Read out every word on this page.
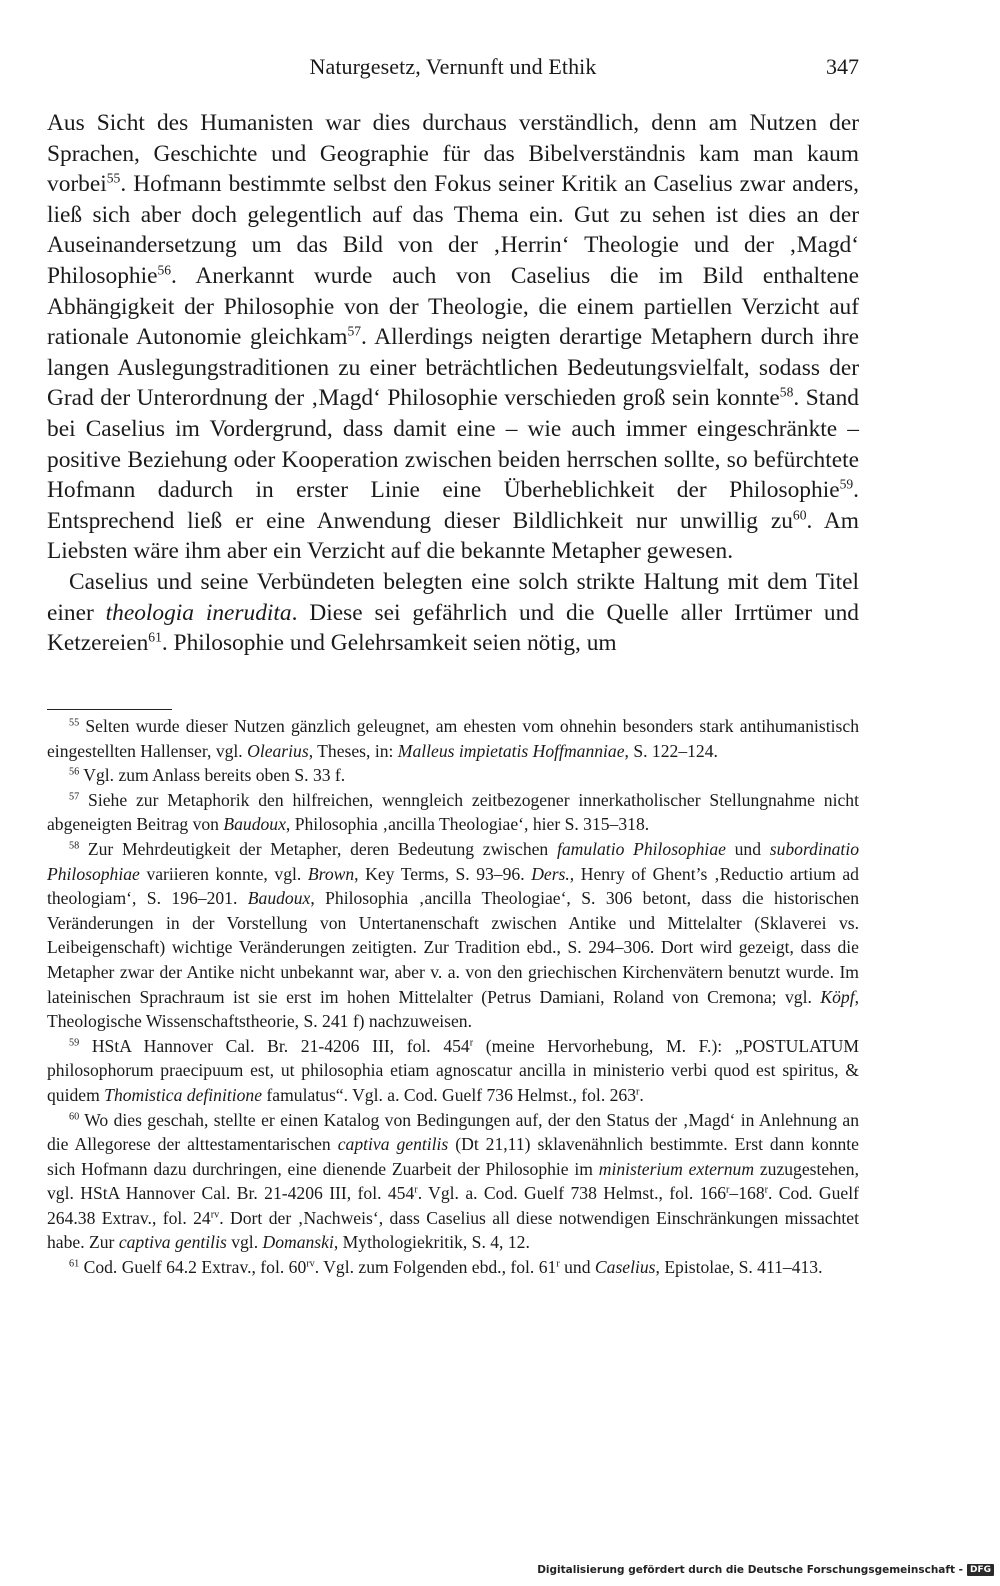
Naturgesetz, Vernunft und Ethik	347

Aus Sicht des Humanisten war dies durchaus verständlich, denn am Nutzen der Sprachen, Geschichte und Geographie für das Bibelverständnis kam man kaum vorbei$^{55}$. Hofmann bestimmte selbst den Fokus seiner Kritik an Caselius zwar anders, ließ sich aber doch gelegentlich auf das Thema ein. Gut zu sehen ist dies an der Auseinandersetzung um das Bild von der ‚Herrin‘ Theologie und der ‚Magd‘ Philosophie$^{56}$. Anerkannt wurde auch von Caselius die im Bild enthaltene Abhängigkeit der Philosophie von der Theologie, die einem partiellen Verzicht auf rationale Autonomie gleichkam$^{57}$. Allerdings neigten derartige Metaphern durch ihre langen Auslegungstraditionen zu einer beträchtlichen Bedeutungsvielfalt, sodass der Grad der Unterordnung der ‚Magd‘ Philosophie verschieden groß sein konnte$^{58}$. Stand bei Caselius im Vordergrund, dass damit eine – wie auch immer eingeschränkte – positive Beziehung oder Kooperation zwischen beiden herrschen sollte, so befürchtete Hofmann dadurch in erster Linie eine Überheblichkeit der Philosophie$^{59}$. Entsprechend ließ er eine Anwendung dieser Bildlichkeit nur unwillig $zu^{60}$. Am Liebsten wäre ihm aber ein Verzicht auf die bekannte Metapher gewesen.

Caselius und seine Verbündeten belegten eine solch strikte Haltung mit dem Titel einer theologia ineruditа. Diese sei gefährlich und die Quelle aller Irrtümer und Ketzereien$^{61}$. Philosophie und Gelehrsamkeit seien nötig, um

$^{55}$ Selten wurde dieser Nutzen gänzlich geleugnet, am ehesten vom ohnehin besonders stark antihumanistisch eingestellten Hallenser, vgl. Olearius, Theses, in: Malleus impietatis Hoffmanniae, S. 122–124.

$^{56}$ Vgl. zum Anlass bereits oben S. 33 f.

$^{57}$ Siehe zur Metaphorik den hilfreichen, wenngleich zeitbezogener innerkatholischer Stellungnahme nicht abgeneigten Beitrag von Baudoux, Philosophia ‚ancilla Theologiae‘, hier S. 315–318.

$^{58}$ Zur Mehrdeutigkeit der Metapher, deren Bedeutung zwischen famulatio Philosophiae und subordinatio Philosophiae variieren konnte, vgl. Brown, Key Terms, S. 93–96. Ders., Henry of Ghent’s ‚Reductio artium ad theologiam‘, S. 196–201. Baudoux, Philosophia ‚ancilla Theologiae‘, S. 306 betont, dass die historischen Veränderungen in der Vorstellung von Untertanenschaft zwischen Antike und Mittelalter (Sklaverei vs. Leibeigenschaft) wichtige Veränderungen zeitigten. Zur Tradition ebd., S. 294–306. Dort wird gezeigt, dass die Metapher zwar der Antike nicht unbekannt war, aber v. a. von den griechischen Kirchenvätern benutzt wurde. Im lateinischen Sprachraum ist sie erst im hohen Mittelalter (Petrus Damiani, Roland von Cremona; vgl. Köpf, Theologische Wissenschaftstheorie, S. 241 f) nachzuweisen.

$^{59}$ HStA Hannover Cal. Br. 21-4206 III, fol. 454$^r$ (meine Hervorhebung, M. F.): „POSTULATUM philosophorum praecipuum est, ut philosophia etiam agnoscatur ancilla in ministerio verbi quod est spiritus, & quidem Thomistica definitione famulatus“. Vgl. a. Cod. Guelf 736 Helmst., fol. 263$^r$.

$^{60}$ Wo dies geschah, stellte er einen Katalog von Bedingungen auf, der den Status der ‚Magd‘ in Anlehnung an die Allegorese der alttestamentarischen captiva gentilis (Dt 21,11) sklavenähnlich bestimmte. Erst dann konnte sich Hofmann dazu durchringen, eine dienende Zuarbeit der Philosophie im ministerium externum zuzugestehen, vgl. HStA Hannover Cal. Br. 21-4206 III, fol. 454$^r$. Vgl. a. Cod. Guelf 738 Helmst., fol. 166$^r$–168$^r$. Cod. Guelf 264.38 Extrav., fol. $24^{rv}$. Dort der ‚Nachweis‘, dass Caselius all diese notwendigen Einschränkungen missachtet habe. Zur captiva gentilis vgl. Domanski, Mythologiekritik, S. 4, 12.

$^{61}$ Cod. Guelf 64.2 Extrav., fol. $60^{rv}$. Vgl. zum Folgenden ebd., fol. 61$^r$ und Caselius, Epistolae, S. 411–413.

Digitalisierung gefördert durch die Deutsche Forschungsgemeinschaft - DFG
